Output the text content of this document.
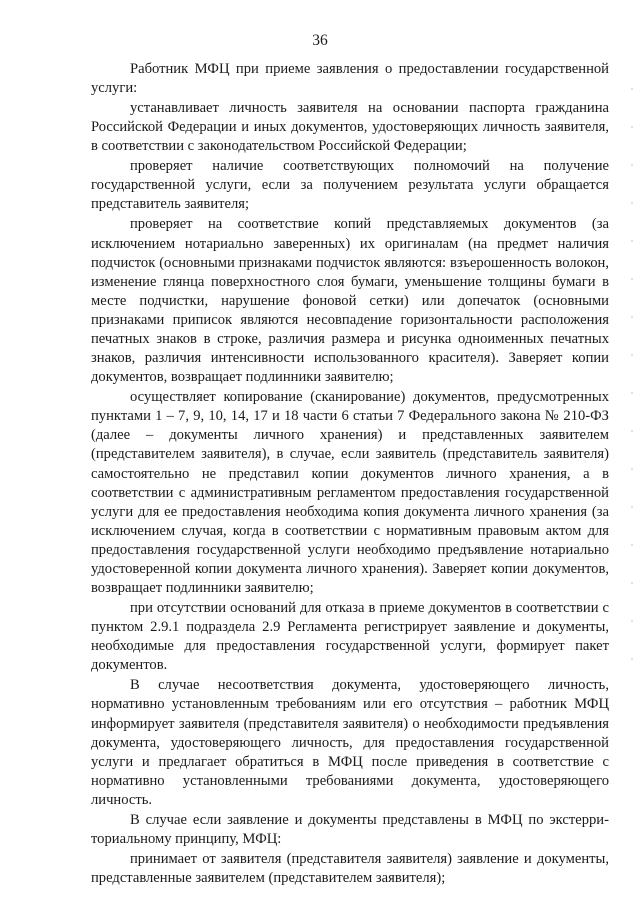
36

Работник МФЦ при приеме заявления о предоставлении государственной услуги:

устанавливает личность заявителя на основании паспорта гражданина Российской Федерации и иных документов, удостоверяющих личность заявителя, в соответствии с законодательством Российской Федерации;

проверяет наличие соответствующих полномочий на получение государственной услуги, если за получением результата услуги обращается представитель заявителя;

проверяет на соответствие копий представляемых документов (за исключением нотариально заверенных) их оригиналам (на предмет наличия подчисток (основными признаками подчисток являются: взъерошенность волокон, изменение глянца поверхностного слоя бумаги, уменьшение толщины бумаги в месте подчистки, нарушение фоновой сетки) или допечаток (основными признаками приписок являются несовпадение горизонтальности расположения печатных знаков в строке, различия размера и рисунка одноименных печатных знаков, различия интенсивности использованного красителя). Заверяет копии документов, возвращает подлинники заявителю;

осуществляет копирование (сканирование) документов, предусмотренных пунктами 1 – 7, 9, 10, 14, 17 и 18 части 6 статьи 7 Федерального закона № 210-ФЗ (далее – документы личного хранения) и представленных заявителем (представителем заявителя), в случае, если заявитель (представитель заявителя) самостоятельно не представил копии документов личного хранения, а в соответствии с административным регламентом предоставления государственной услуги для ее предоставления необходима копия документа личного хранения (за исключением случая, когда в соответствии с нормативным правовым актом для предоставления государственной услуги необходимо предъявление нотариально удостоверенной копии документа личного хранения). Заверяет копии документов, возвращает подлинники заявителю;

при отсутствии оснований для отказа в приеме документов в соответствии с пунктом 2.9.1 подраздела 2.9 Регламента регистрирует заявление и документы, необходимые для предоставления государственной услуги, формирует пакет документов.

В случае несоответствия документа, удостоверяющего личность, нормативно установленным требованиям или его отсутствия – работник МФЦ информирует заявителя (представителя заявителя) о необходимости предъявления документа, удостоверяющего личность, для предоставления государственной услуги и предлагает обратиться в МФЦ после приведения в соответствие с нормативно установленными требованиями документа, удостоверяющего личность.

В случае если заявление и документы представлены в МФЦ по экстерриториальному принципу, МФЦ:

принимает от заявителя (представителя заявителя) заявление и документы, представленные заявителем (представителем заявителя);
